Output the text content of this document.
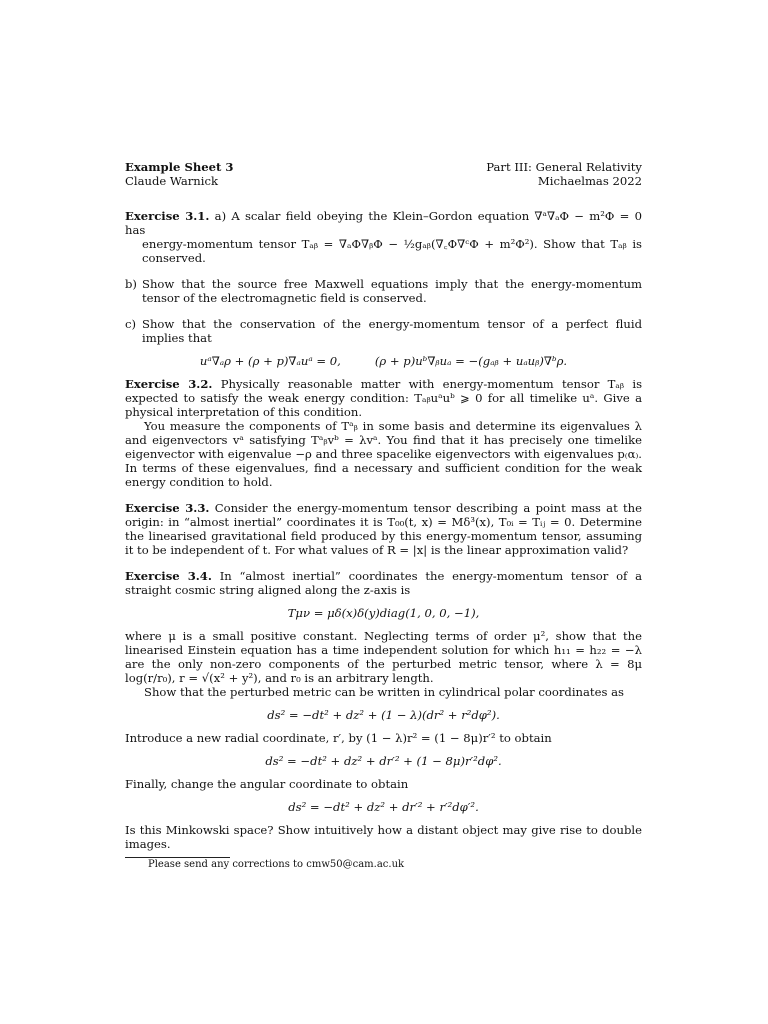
Example Sheet 3
Claude Warnick
Part III: General Relativity
Michaelmas 2022

Exercise 3.1. a) A scalar field obeying the Klein–Gordon equation ∇ᵃ∇ₐΦ − m²Φ = 0 has

energy-momentum tensor Tₐᵦ = ∇ₐΦ∇ᵦΦ − ½gₐᵦ(∇꜀Φ∇ᶜΦ + m²Φ²). Show that Tₐᵦ is conserved.

b) Show that the source free Maxwell equations imply that the energy-momentum tensor of the electromagnetic field is conserved.
c) Show that the conservation of the energy-momentum tensor of a perfect fluid implies that
uᵃ∇ₐρ + (ρ + p)∇ₐuᵃ = 0,	(ρ + p)uᵇ∇ᵦuₐ = −(gₐᵦ + uₐuᵦ)∇ᵇρ.

Exercise 3.2. Physically reasonable matter with energy-momentum tensor Tₐᵦ is expected to satisfy the weak energy condition: Tₐᵦuᵃuᵇ ⩾ 0 for all timelike uᵃ. Give a physical interpretation of this condition.

You measure the components of Tᵃᵦ in some basis and determine its eigenvalues λ and eigenvectors vᵃ satisfying Tᵃᵦvᵇ = λvᵃ. You find that it has precisely one timelike eigenvector with eigenvalue −ρ and three spacelike eigenvectors with eigenvalues p₍α₎. In terms of these eigenvalues, find a necessary and sufficient condition for the weak energy condition to hold.

Exercise 3.3. Consider the energy-momentum tensor describing a point mass at the origin: in “almost inertial” coordinates it is T₀₀(t, x) = Mδ³(x), T₀ᵢ = Tᵢⱼ = 0. Determine the linearised gravitational field produced by this energy-momentum tensor, assuming it to be independent of t. For what values of R = |x| is the linear approximation valid?

Exercise 3.4. In “almost inertial” coordinates the energy-momentum tensor of a straight cosmic string aligned along the z-axis is

Tμν = μδ(x)δ(y)diag(1, 0, 0, −1),

where μ is a small positive constant. Neglecting terms of order μ², show that the linearised Einstein equation has a time independent solution for which h₁₁ = h₂₂ = −λ are the only non-zero components of the perturbed metric tensor, where λ = 8μ log(r/r₀), r = √(x² + y²), and r₀ is an arbitrary length.

Show that the perturbed metric can be written in cylindrical polar coordinates as

ds² = −dt² + dz² + (1 − λ)(dr² + r²dφ²).

Introduce a new radial coordinate, r′, by (1 − λ)r² = (1 − 8μ)r′² to obtain

ds² = −dt² + dz² + dr′² + (1 − 8μ)r′²dφ².

Finally, change the angular coordinate to obtain

ds² = −dt² + dz² + dr′² + r′²dφ′².

Is this Minkowski space? Show intuitively how a distant object may give rise to double images.

Please send any corrections to cmw50@cam.ac.uk
